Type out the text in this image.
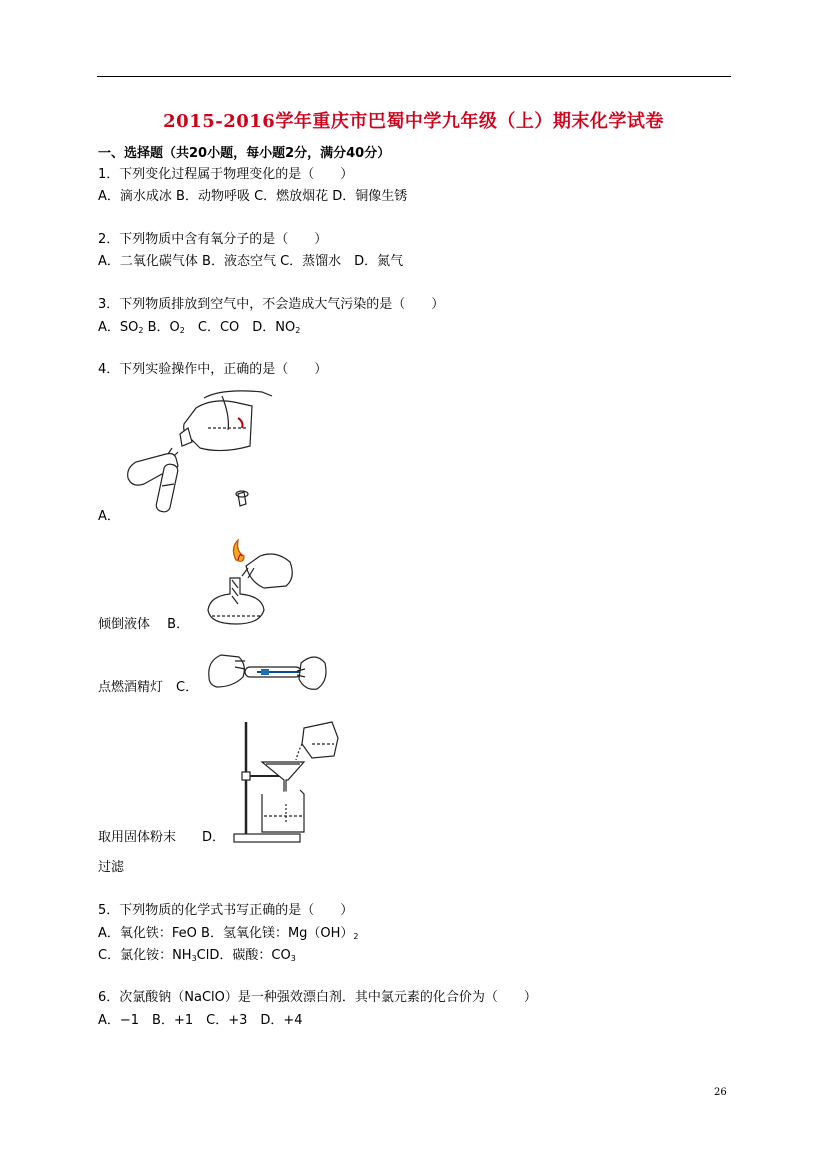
2015-2016学年重庆市巴蜀中学九年级（上）期末化学试卷
一、选择题（共20小题，每小题2分，满分40分）
1．下列变化过程属于物理变化的是（　　）
A．滴水成冰 B．动物呼吸 C．燃放烟花 D．铜像生锈
2．下列物质中含有氧分子的是（　　）
A．二氧化碳气体 B．液态空气 C．蒸馏水　D．氮气
3．下列物质排放到空气中，不会造成大气污染的是（　　）
A．$SO_2$ B．$O_2$　C．CO　D．$NO_2$
4．下列实验操作中，正确的是（　　）
A．
倾倒液体　 B．
点燃酒精灯　 C．
取用固体粉末　　 D．
过滤
5．下列物质的化学式书写正确的是（　　）
A．氧化铁：FeO B．氢氧化镁：$Mg(OH)_2$
C．氯化铵：$NH_3ClD$．碳酸：$CO_3$
6．次氯酸钠（NaClO）是一种强效漂白剂．其中氯元素的化合价为（　　）
A．−1　B．+1　C．+3　D．+4
26
